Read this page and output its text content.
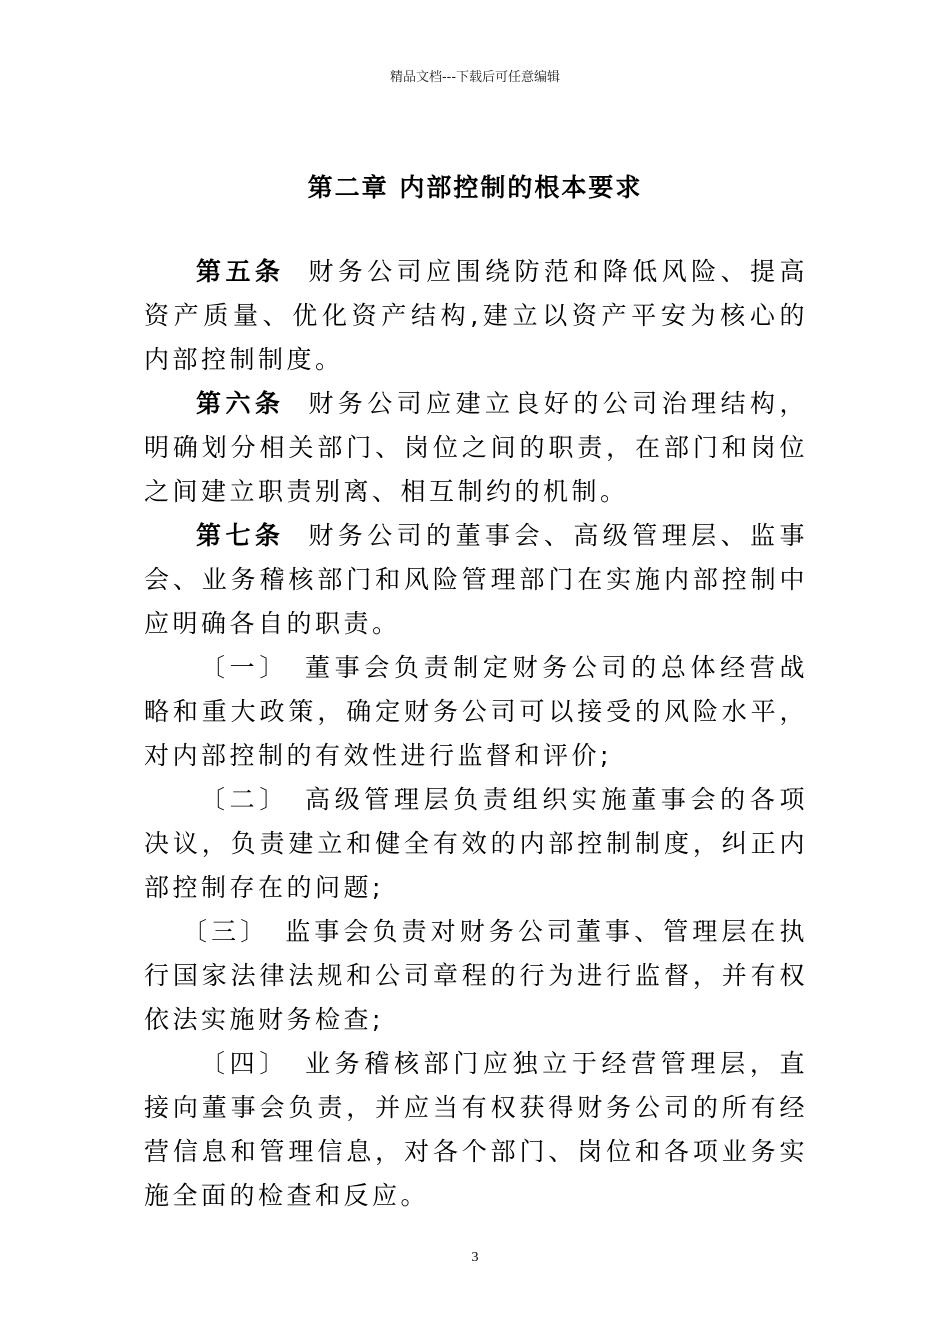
精品文档---下载后可任意编辑
第二章 内部控制的根本要求

第五条 财务公司应围绕防范和降低风险、提高资产质量、优化资产结构,建立以资产平安为核心的内部控制制度。

第六条 财务公司应建立良好的公司治理结构，明确划分相关部门、岗位之间的职责，在部门和岗位之间建立职责别离、相互制约的机制。

第七条 财务公司的董事会、高级管理层、监事会、业务稽核部门和风险管理部门在实施内部控制中应明确各自的职责。

〔一〕 董事会负责制定财务公司的总体经营战略和重大政策，确定财务公司可以接受的风险水平，对内部控制的有效性进行监督和评价;

〔二〕 高级管理层负责组织实施董事会的各项决议，负责建立和健全有效的内部控制制度，纠正内部控制存在的问题;

〔三〕 监事会负责对财务公司董事、管理层在执行国家法律法规和公司章程的行为进行监督，并有权依法实施财务检查;

〔四〕 业务稽核部门应独立于经营管理层，直接向董事会负责，并应当有权获得财务公司的所有经营信息和管理信息，对各个部门、岗位和各项业务实施全面的检查和反应。

3
